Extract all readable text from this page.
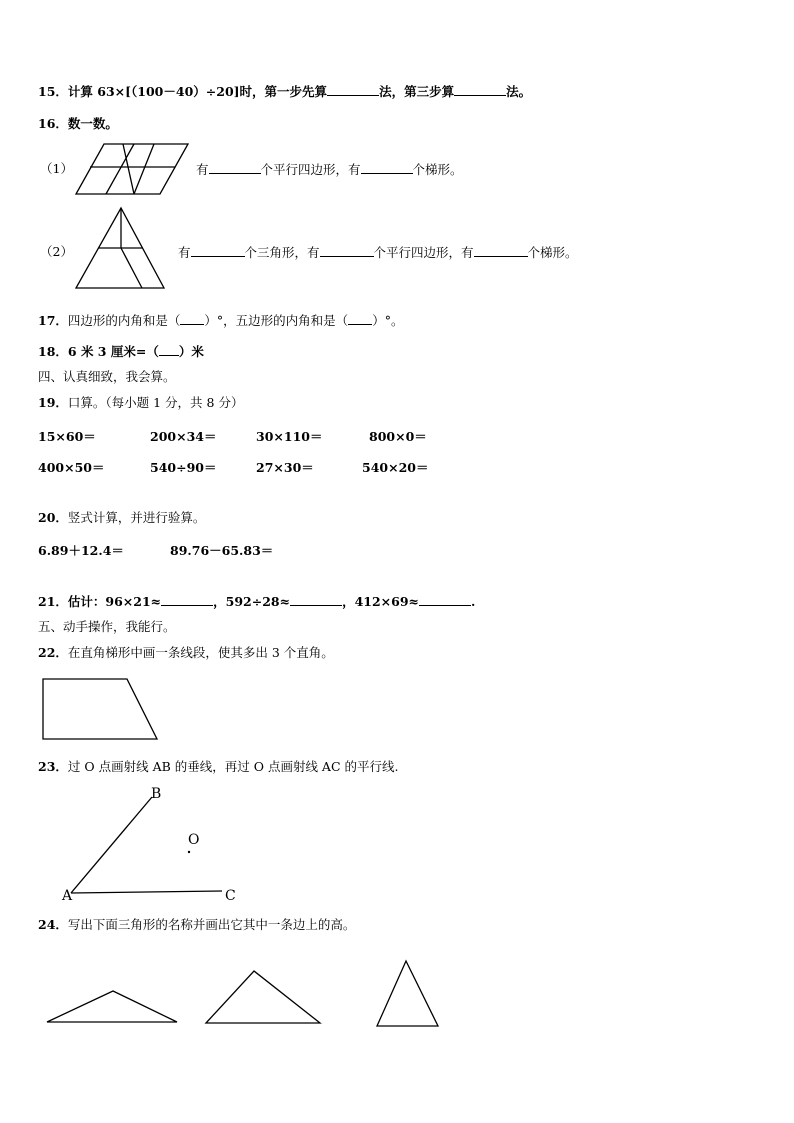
15．计算 63×[（100－40）÷20]时，第一步先算	法，第三步算	法。
16．数一数。
（1）	有	个平行四边形，有	个梯形。
（2）	有	个三角形，有	个平行四边形，有	个梯形。
17．四边形的内角和是（ ）°，五边形的内角和是（ ）°。
18．6 米 3 厘米=（ ）米
四、认真细致，我会算。
19．口算。（每小题 1 分，共 8 分）
15×60＝	200×34＝	30×110＝	800×0＝
400×50＝	540÷90＝	27×30＝	540×20＝
20．竖式计算，并进行验算。
6.89＋12.4＝	89.76－65.83＝
21．估计：96×21≈	，592÷28≈	，412×69≈	.
五、动手操作，我能行。
22．在直角梯形中画一条线段，使其多出 3 个直角。
23．过 O 点画射线 AB 的垂线，再过 O 点画射线 AC 的平行线.
A
B
C
O
24．写出下面三角形的名称并画出它其中一条边上的高。
